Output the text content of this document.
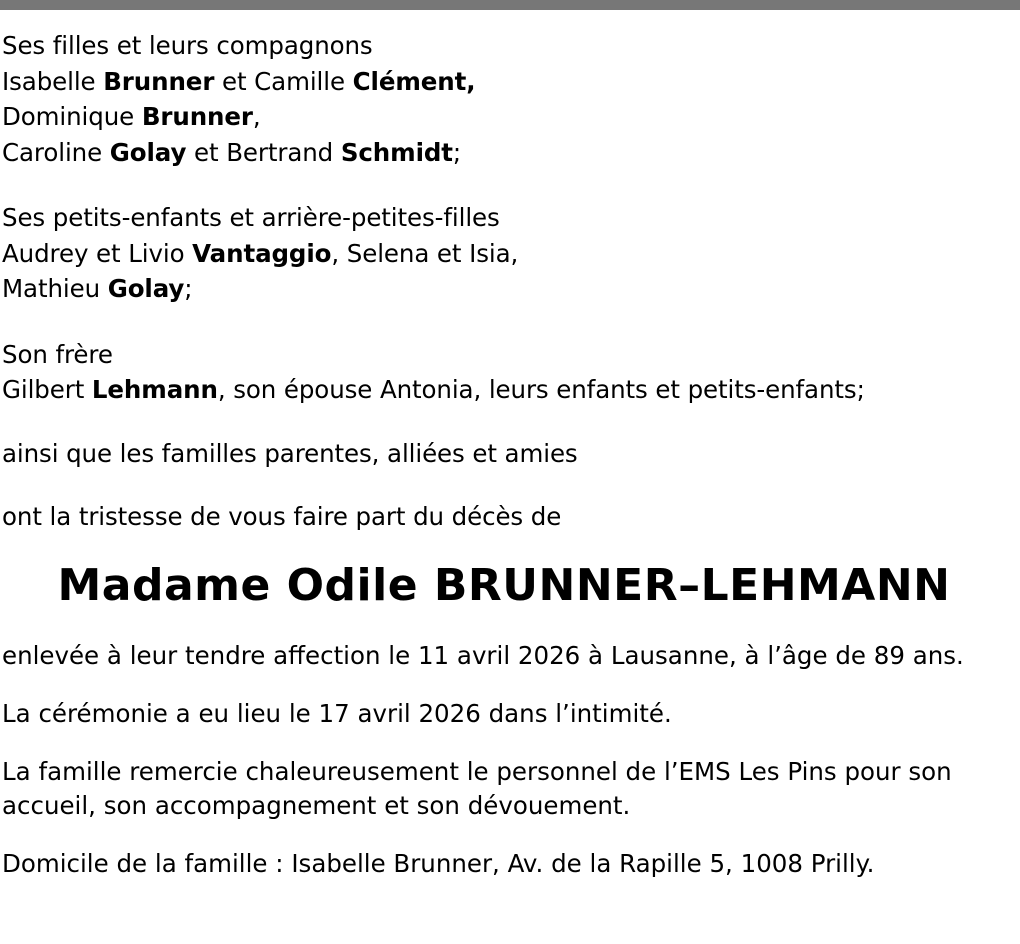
Ses filles et leurs compagnons
Isabelle Brunner et Camille Clément,
Dominique Brunner,
Caroline Golay et Bertrand Schmidt;
Ses petits-enfants et arrière-petites-filles
Audrey et Livio Vantaggio, Selena et Isia,
Mathieu Golay;
Son frère
Gilbert Lehmann, son épouse Antonia, leurs enfants et petits-enfants;
ainsi que les familles parentes, alliées et amies
ont la tristesse de vous faire part du décès de
Madame Odile BRUNNER–LEHMANN
enlevée à leur tendre affection le 11 avril 2026 à Lausanne, à l’âge de 89 ans.
La cérémonie a eu lieu le 17 avril 2026 dans l’intimité.
La famille remercie chaleureusement le personnel de l’EMS Les Pins pour son accueil, son accompagnement et son dévouement.
Domicile de la famille : Isabelle Brunner, Av. de la Rapille 5, 1008 Prilly.
